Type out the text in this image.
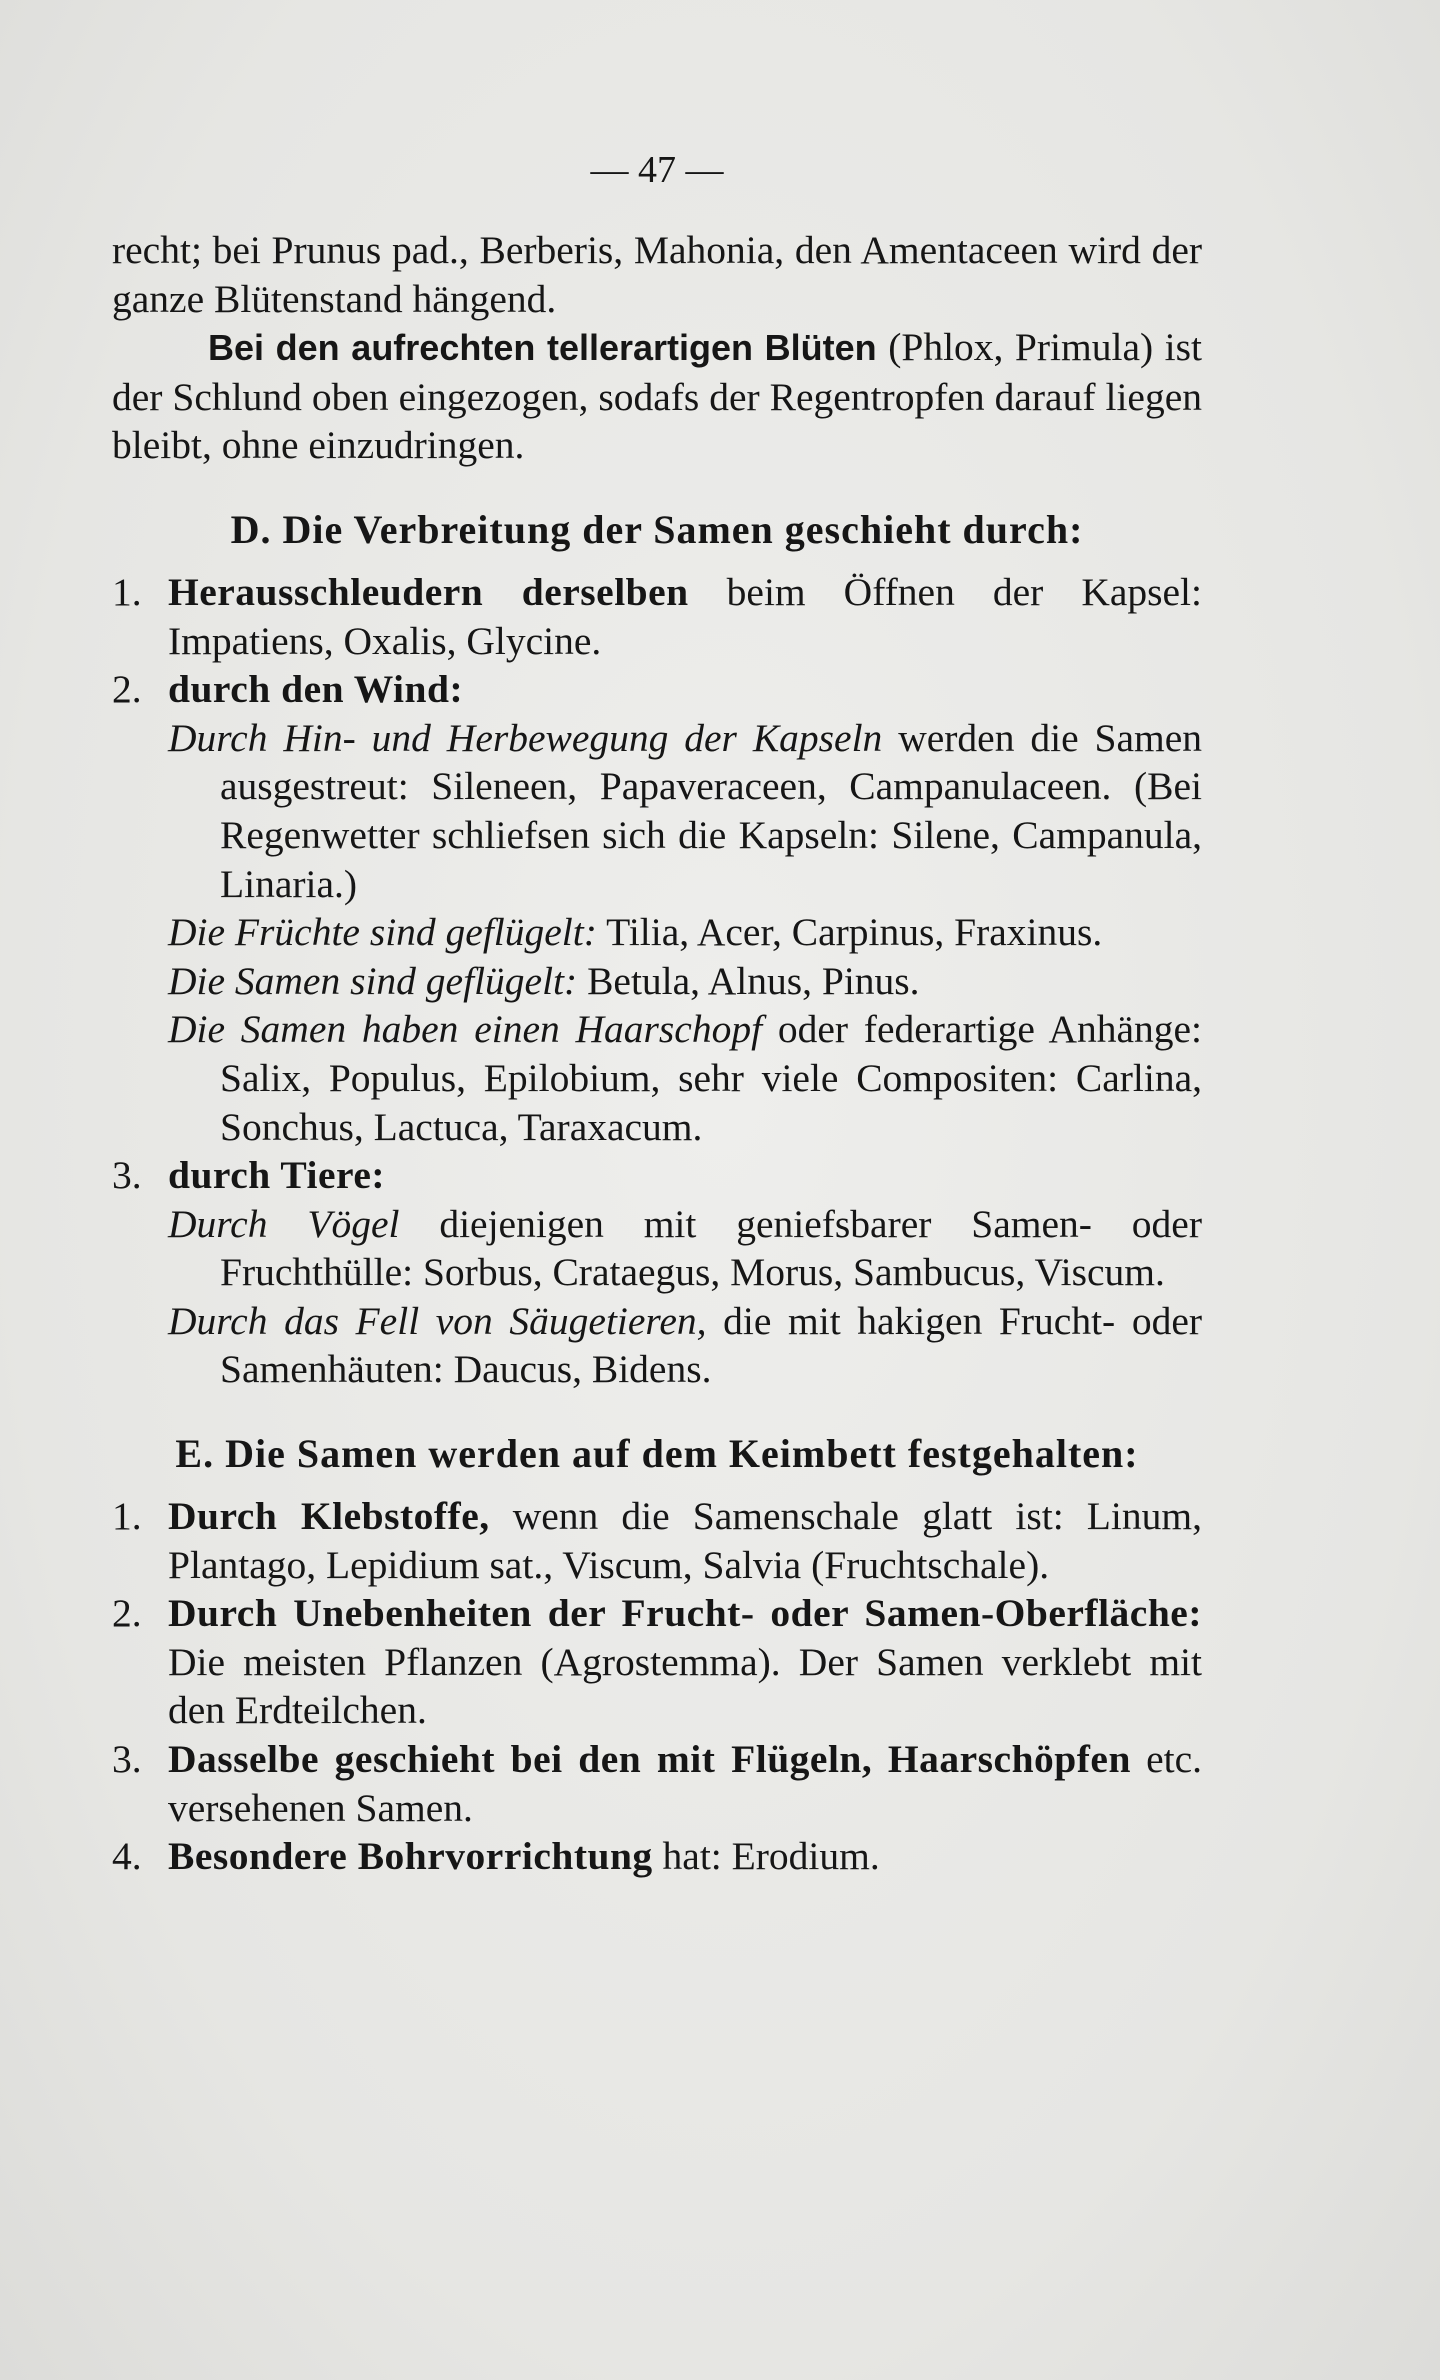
— 47 —

recht; bei Prunus pad., Berberis, Mahonia, den Amentaceen wird der ganze Blütenstand hängend.

Bei den aufrechten tellerartigen Blüten (Phlox, Primula) ist der Schlund oben eingezogen, sodafs der Regentropfen darauf liegen bleibt, ohne einzudringen.

D. Die Verbreitung der Samen geschieht durch:
1. Herausschleudern derselben beim Öffnen der Kapsel: Impatiens, Oxalis, Glycine.
2. durch den Wind:

Durch Hin- und Herbewegung der Kapseln werden die Samen ausgestreut: Sileneen, Papaveraceen, Campanulaceen. (Bei Regenwetter schliefsen sich die Kapseln: Silene, Campanula, Linaria.)

Die Früchte sind geflügelt: Tilia, Acer, Carpinus, Fraxinus.

Die Samen sind geflügelt: Betula, Alnus, Pinus.

Die Samen haben einen Haarschopf oder federartige Anhänge: Salix, Populus, Epilobium, sehr viele Compositen: Carlina, Sonchus, Lactuca, Taraxacum.

3. durch Tiere:

Durch Vögel diejenigen mit geniefsbarer Samen- oder Fruchthülle: Sorbus, Crataegus, Morus, Sambucus, Viscum.

Durch das Fell von Säugetieren, die mit hakigen Frucht- oder Samenhäuten: Daucus, Bidens.

E. Die Samen werden auf dem Keimbett festgehalten:
1. Durch Klebstoffe, wenn die Samenschale glatt ist: Linum, Plantago, Lepidium sat., Viscum, Salvia (Fruchtschale).
2. Durch Unebenheiten der Frucht- oder Samen-Oberfläche: Die meisten Pflanzen (Agrostemma). Der Samen verklebt mit den Erdteilchen.
3. Dasselbe geschieht bei den mit Flügeln, Haarschöpfen etc. versehenen Samen.
4. Besondere Bohrvorrichtung hat: Erodium.
